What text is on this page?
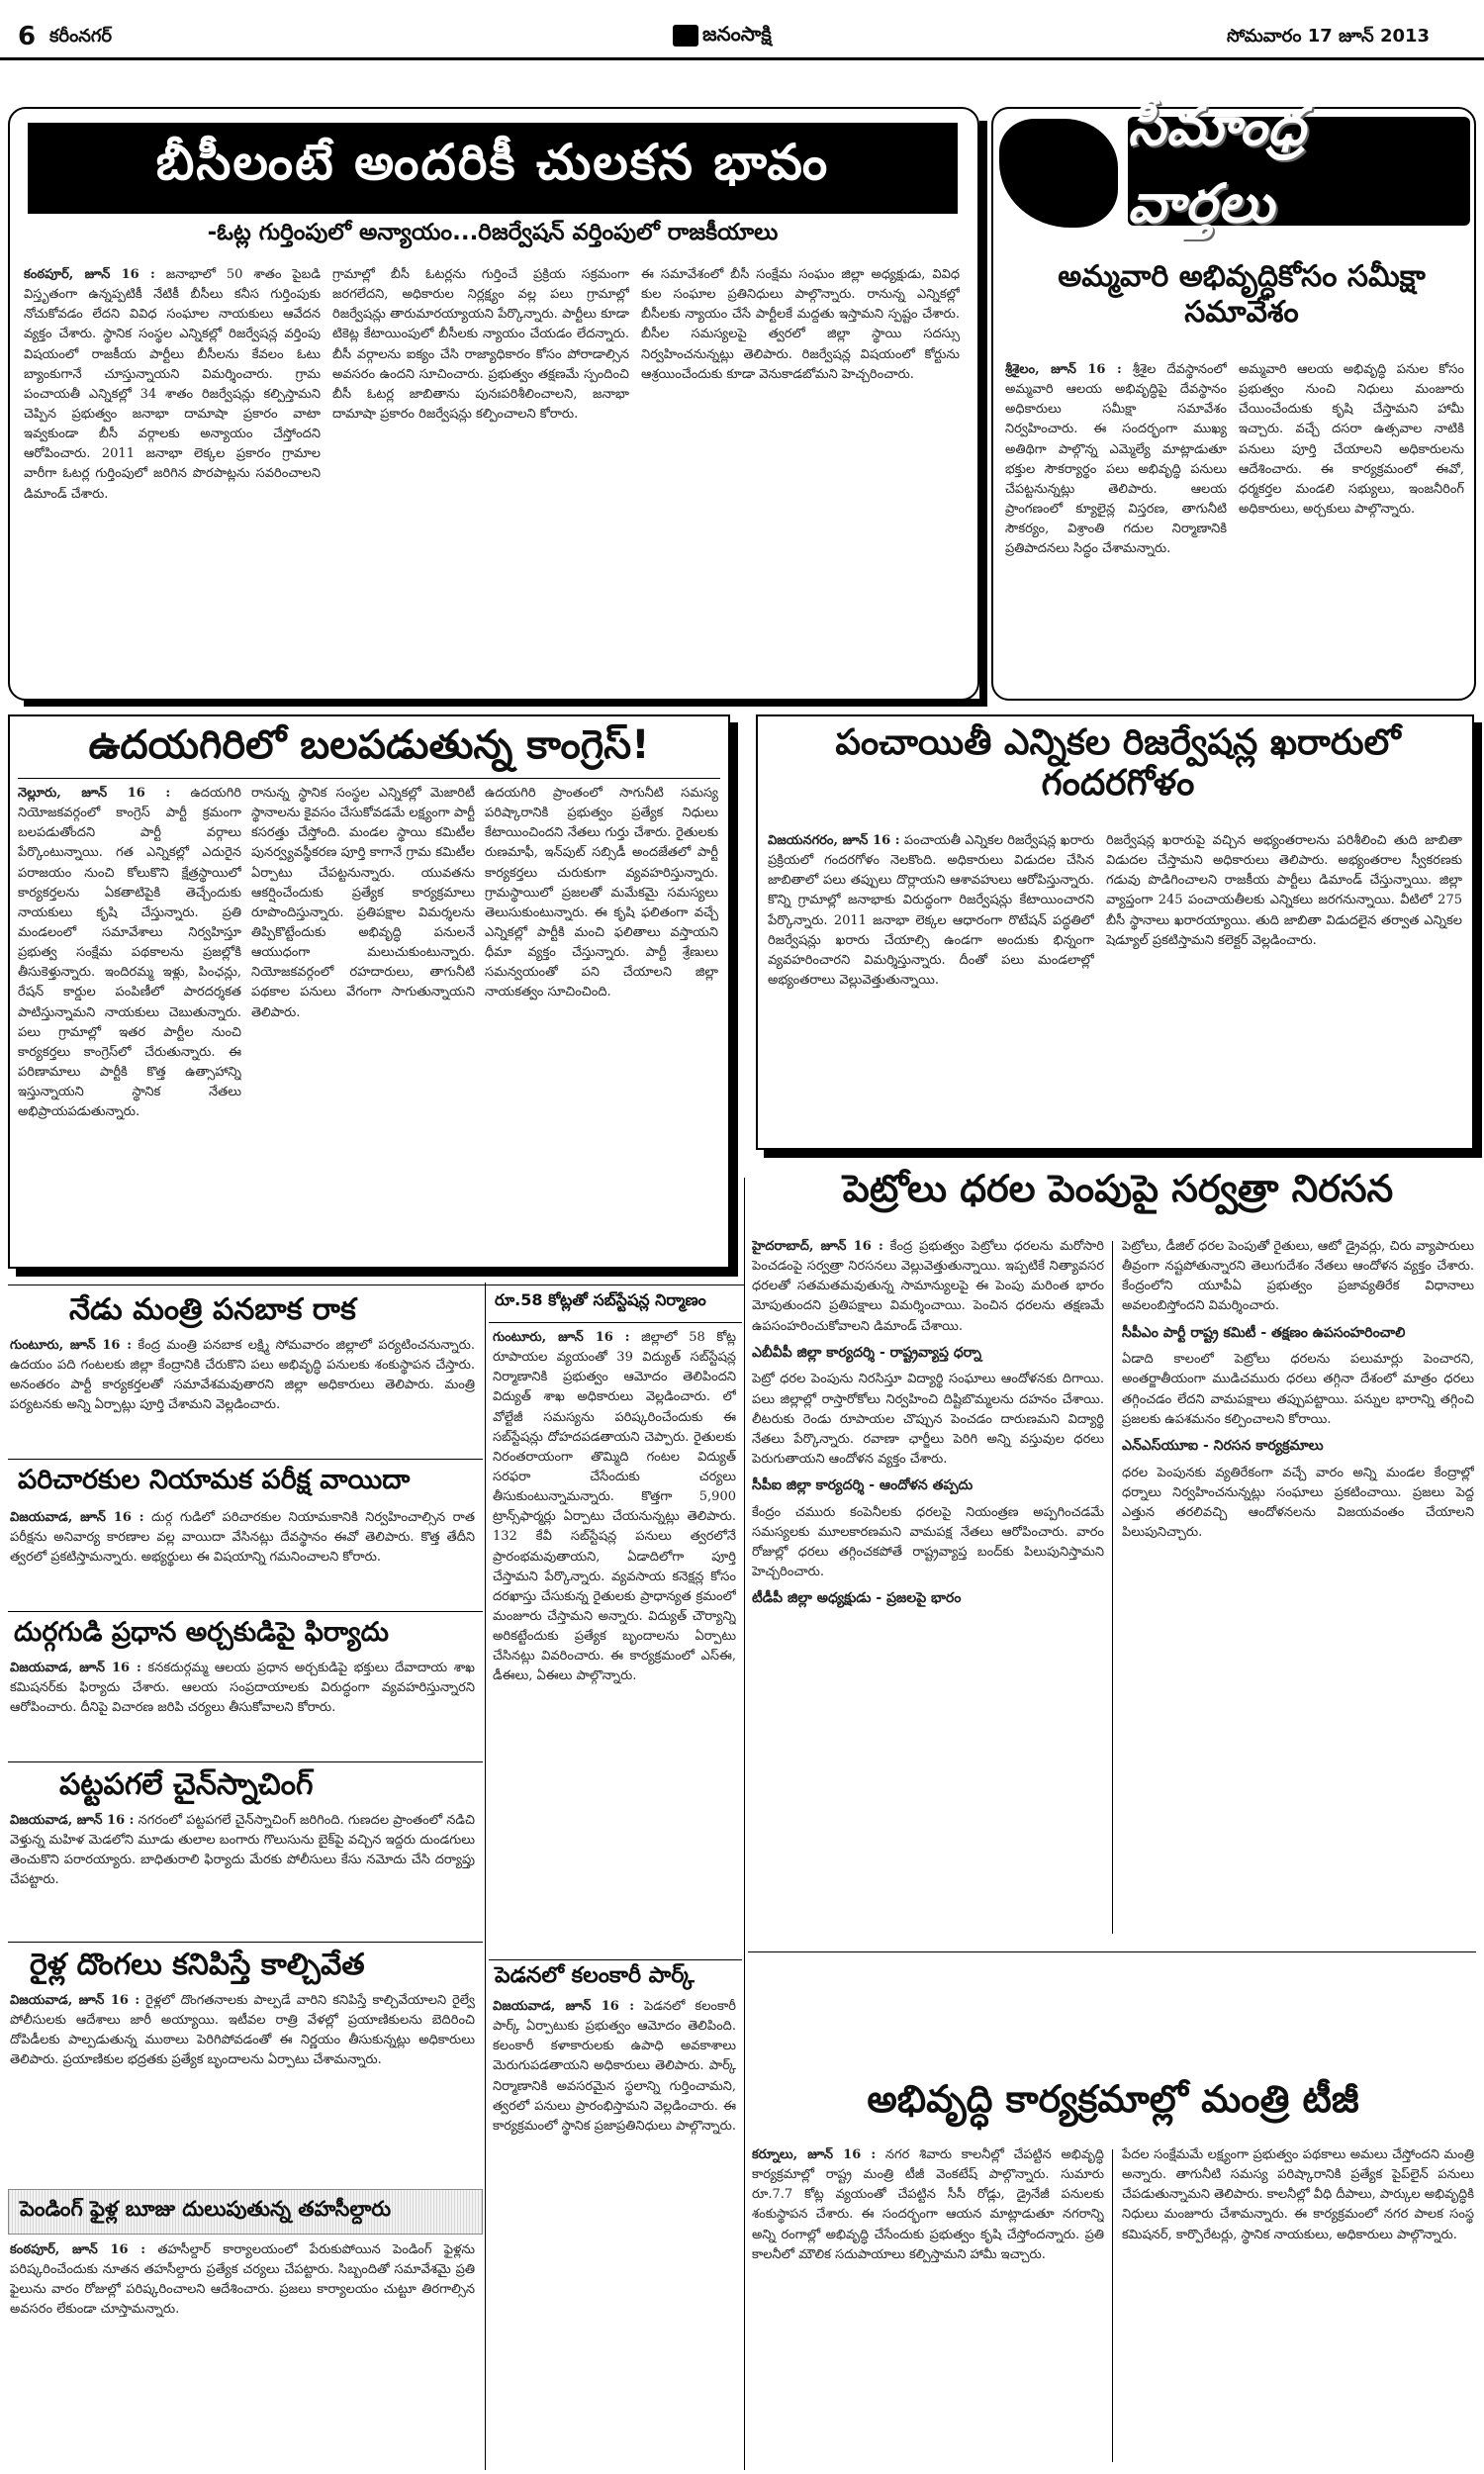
6 కరీంనగర్	జనంసాక్షి	సోమవారం 17 జూన్ 2013
బీసీలంటే అందరికీ చులకన భావం
-ఓట్ల గుర్తింపులో అన్యాయం...రిజర్వేషన్ వర్తింపులో రాజకీయాలు
కంఠపూర్, జూన్ 16 : జనాభాలో 50 శాతం పైబడి విస్తృతంగా ఉన్నప్పటికీ నేటికీ బీసీలు కనీస గుర్తింపుకు నోచుకోవడం లేదని వివిధ సంఘాల నాయకులు ఆవేదన వ్యక్తం చేశారు. స్థానిక సంస్థల ఎన్నికల్లో రిజర్వేషన్ల వర్తింపు విషయంలో రాజకీయ పార్టీలు బీసీలను కేవలం ఓటు బ్యాంకుగానే చూస్తున్నాయని విమర్శించారు. గ్రామ పంచాయతీ ఎన్నికల్లో 34 శాతం రిజర్వేషన్లు కల్పిస్తామని చెప్పిన ప్రభుత్వం జనాభా దామాషా ప్రకారం వాటా ఇవ్వకుండా బీసీ వర్గాలకు అన్యాయం చేస్తోందని ఆరోపించారు. 2011 జనాభా లెక్కల ప్రకారం గ్రామాల వారీగా ఓటర్ల గుర్తింపులో జరిగిన పొరపాట్లను సవరించాలని డిమాండ్ చేశారు.
గ్రామాల్లో బీసీ ఓటర్లను గుర్తించే ప్రక్రియ సక్రమంగా జరగలేదని, అధికారుల నిర్లక్ష్యం వల్ల పలు గ్రామాల్లో రిజర్వేషన్లు తారుమారయ్యాయని పేర్కొన్నారు. పార్టీలు కూడా టికెట్ల కేటాయింపులో బీసీలకు న్యాయం చేయడం లేదన్నారు. బీసీ వర్గాలను ఐక్యం చేసి రాజ్యాధికారం కోసం పోరాడాల్సిన అవసరం ఉందని సూచించారు. ప్రభుత్వం తక్షణమే స్పందించి బీసీ ఓటర్ల జాబితాను పునఃపరిశీలించాలని, జనాభా దామాషా ప్రకారం రిజర్వేషన్లు కల్పించాలని కోరారు.
ఈ సమావేశంలో బీసీ సంక్షేమ సంఘం జిల్లా అధ్యక్షుడు, వివిధ కుల సంఘాల ప్రతినిధులు పాల్గొన్నారు. రానున్న ఎన్నికల్లో బీసీలకు న్యాయం చేసే పార్టీలకే మద్దతు ఇస్తామని స్పష్టం చేశారు. బీసీల సమస్యలపై త్వరలో జిల్లా స్థాయి సదస్సు నిర్వహించనున్నట్లు తెలిపారు. రిజర్వేషన్ల విషయంలో కోర్టును ఆశ్రయించేందుకు కూడా వెనుకాడబోమని హెచ్చరించారు.
సీమాంధ్ర వార్తలు
అమ్మవారి అభివృద్ధికోసం సమీక్షా సమావేశం
శ్రీశైలం, జూన్ 16 : శ్రీశైల దేవస్థానంలో అమ్మవారి ఆలయ అభివృద్ధిపై దేవస్థానం అధికారులు సమీక్షా సమావేశం నిర్వహించారు. ఈ సందర్భంగా ముఖ్య అతిథిగా పాల్గొన్న ఎమ్మెల్యే మాట్లాడుతూ భక్తుల సౌకర్యార్థం పలు అభివృద్ధి పనులు చేపట్టనున్నట్లు తెలిపారు. ఆలయ ప్రాంగణంలో క్యూలైన్ల విస్తరణ, తాగునీటి సౌకర్యం, విశ్రాంతి గదుల నిర్మాణానికి ప్రతిపాదనలు సిద్ధం చేశామన్నారు.
అమ్మవారి ఆలయ అభివృద్ధి పనుల కోసం ప్రభుత్వం నుంచి నిధులు మంజూరు చేయించేందుకు కృషి చేస్తామని హామీ ఇచ్చారు. వచ్చే దసరా ఉత్సవాల నాటికి పనులు పూర్తి చేయాలని అధికారులను ఆదేశించారు. ఈ కార్యక్రమంలో ఈవో, ధర్మకర్తల మండలి సభ్యులు, ఇంజనీరింగ్ అధికారులు, అర్చకులు పాల్గొన్నారు.
ఉదయగిరిలో బలపడుతున్న కాంగ్రెస్!
నెల్లూరు, జూన్ 16 : ఉదయగిరి నియోజకవర్గంలో కాంగ్రెస్ పార్టీ క్రమంగా బలపడుతోందని పార్టీ వర్గాలు పేర్కొంటున్నాయి. గత ఎన్నికల్లో ఎదురైన పరాజయం నుంచి కోలుకొని క్షేత్రస్థాయిలో కార్యకర్తలను ఏకతాటిపైకి తెచ్చేందుకు నాయకులు కృషి చేస్తున్నారు. ప్రతి మండలంలో సమావేశాలు నిర్వహిస్తూ ప్రభుత్వ సంక్షేమ పథకాలను ప్రజల్లోకి తీసుకెళ్తున్నారు. ఇందిరమ్మ ఇళ్లు, పింఛన్లు, రేషన్ కార్డుల పంపిణీలో పారదర్శకత పాటిస్తున్నామని నాయకులు చెబుతున్నారు. పలు గ్రామాల్లో ఇతర పార్టీల నుంచి కార్యకర్తలు కాంగ్రెస్‌లో చేరుతున్నారు. ఈ పరిణామాలు పార్టీకి కొత్త ఉత్సాహాన్ని ఇస్తున్నాయని స్థానిక నేతలు అభిప్రాయపడుతున్నారు.
రానున్న స్థానిక సంస్థల ఎన్నికల్లో మెజారిటీ స్థానాలను కైవసం చేసుకోవడమే లక్ష్యంగా పార్టీ కసరత్తు చేస్తోంది. మండల స్థాయి కమిటీల పునర్వ్యవస్థీకరణ పూర్తి కాగానే గ్రామ కమిటీల ఏర్పాటు చేపట్టనున్నారు. యువతను ఆకర్షించేందుకు ప్రత్యేక కార్యక్రమాలు రూపొందిస్తున్నారు. ప్రతిపక్షాల విమర్శలను తిప్పికొట్టేందుకు అభివృద్ధి పనులనే ఆయుధంగా మలుచుకుంటున్నారు. నియోజకవర్గంలో రహదారులు, తాగునీటి పథకాల పనులు వేగంగా సాగుతున్నాయని తెలిపారు.
ఉదయగిరి ప్రాంతంలో సాగునీటి సమస్య పరిష్కారానికి ప్రభుత్వం ప్రత్యేక నిధులు కేటాయించిందని నేతలు గుర్తు చేశారు. రైతులకు రుణమాఫీ, ఇన్‌పుట్ సబ్సిడీ అందజేతలో పార్టీ కార్యకర్తలు చురుకుగా వ్యవహరిస్తున్నారు. గ్రామస్థాయిలో ప్రజలతో మమేకమై సమస్యలు తెలుసుకుంటున్నారు. ఈ కృషి ఫలితంగా వచ్చే ఎన్నికల్లో పార్టీకి మంచి ఫలితాలు వస్తాయని ధీమా వ్యక్తం చేస్తున్నారు. పార్టీ శ్రేణులు సమన్వయంతో పని చేయాలని జిల్లా నాయకత్వం సూచించింది.
పంచాయితీ ఎన్నికల రిజర్వేషన్ల ఖరారులో గందరగోళం
విజయనగరం, జూన్ 16 : పంచాయతీ ఎన్నికల రిజర్వేషన్ల ఖరారు ప్రక్రియలో గందరగోళం నెలకొంది. అధికారులు విడుదల చేసిన జాబితాలో పలు తప్పులు దొర్లాయని ఆశావహులు ఆరోపిస్తున్నారు. కొన్ని గ్రామాల్లో జనాభాకు విరుద్ధంగా రిజర్వేషన్లు కేటాయించారని పేర్కొన్నారు. 2011 జనాభా లెక్కల ఆధారంగా రొటేషన్ పద్ధతిలో రిజర్వేషన్లు ఖరారు చేయాల్సి ఉండగా అందుకు భిన్నంగా వ్యవహరించారని విమర్శిస్తున్నారు. దీంతో పలు మండలాల్లో అభ్యంతరాలు వెల్లువెత్తుతున్నాయి.
రిజర్వేషన్ల ఖరారుపై వచ్చిన అభ్యంతరాలను పరిశీలించి తుది జాబితా విడుదల చేస్తామని అధికారులు తెలిపారు. అభ్యంతరాల స్వీకరణకు గడువు పొడిగించాలని రాజకీయ పార్టీలు డిమాండ్ చేస్తున్నాయి. జిల్లా వ్యాప్తంగా 245 పంచాయతీలకు ఎన్నికలు జరగనున్నాయి. వీటిలో 275 బీసీ స్థానాలు ఖరారయ్యాయి. తుది జాబితా విడుదలైన తర్వాత ఎన్నికల షెడ్యూల్ ప్రకటిస్తామని కలెక్టర్ వెల్లడించారు.
పెట్రోలు ధరల పెంపుపై సర్వత్రా నిరసన
హైదరాబాద్, జూన్ 16 : కేంద్ర ప్రభుత్వం పెట్రోలు ధరలను మరోసారి పెంచడంపై సర్వత్రా నిరసనలు వెల్లువెత్తుతున్నాయి. ఇప్పటికే నిత్యావసర ధరలతో సతమతమవుతున్న సామాన్యులపై ఈ పెంపు మరింత భారం మోపుతుందని ప్రతిపక్షాలు విమర్శించాయి. పెంచిన ధరలను తక్షణమే ఉపసంహరించుకోవాలని డిమాండ్ చేశాయి.
ఎబీవీపీ జిల్లా కార్యదర్శి - రాష్ట్రవ్యాప్త ధర్నా
పెట్రో ధరల పెంపును నిరసిస్తూ విద్యార్థి సంఘాలు ఆందోళనకు దిగాయి. పలు జిల్లాల్లో రాస్తారోకోలు నిర్వహించి దిష్టిబొమ్మలను దహనం చేశాయి. లీటరుకు రెండు రూపాయల చొప్పున పెంచడం దారుణమని విద్యార్థి నేతలు పేర్కొన్నారు. రవాణా ఛార్జీలు పెరిగి అన్ని వస్తువుల ధరలు పెరుగుతాయని ఆందోళన వ్యక్తం చేశారు.
సీపీఐ జిల్లా కార్యదర్శి - ఆందోళన తప్పదు
కేంద్రం చమురు కంపెనీలకు ధరలపై నియంత్రణ అప్పగించడమే సమస్యలకు మూలకారణమని వామపక్ష నేతలు ఆరోపించారు. వారం రోజుల్లో ధరలు తగ్గించకపోతే రాష్ట్రవ్యాప్త బంద్‌కు పిలుపునిస్తామని హెచ్చరించారు.
టీడీపీ జిల్లా అధ్యక్షుడు - ప్రజలపై భారం
పెట్రోలు, డీజిల్ ధరల పెంపుతో రైతులు, ఆటో డ్రైవర్లు, చిరు వ్యాపారులు తీవ్రంగా నష్టపోతున్నారని తెలుగుదేశం నేతలు ఆందోళన వ్యక్తం చేశారు. కేంద్రంలోని యూపీఏ ప్రభుత్వం ప్రజావ్యతిరేక విధానాలు అవలంబిస్తోందని విమర్శించారు.
సీపీఎం పార్టీ రాష్ట్ర కమిటీ - తక్షణం ఉపసంహరించాలి
ఏడాది కాలంలో పెట్రోలు ధరలను పలుమార్లు పెంచారని, అంతర్జాతీయంగా ముడిచమురు ధరలు తగ్గినా దేశంలో మాత్రం ధరలు తగ్గించడం లేదని వామపక్షాలు తప్పుపట్టాయి. పన్నుల భారాన్ని తగ్గించి ప్రజలకు ఉపశమనం కల్పించాలని కోరాయి.
ఎన్‌ఎస్‌యూఐ - నిరసన కార్యక్రమాలు
ధరల పెంపునకు వ్యతిరేకంగా వచ్చే వారం అన్ని మండల కేంద్రాల్లో ధర్నాలు నిర్వహించనున్నట్లు సంఘాలు ప్రకటించాయి. ప్రజలు పెద్ద ఎత్తున తరలివచ్చి ఆందోళనలను విజయవంతం చేయాలని పిలుపునిచ్చారు.
నేడు మంత్రి పనబాక రాక
గుంటూరు, జూన్ 16 : కేంద్ర మంత్రి పనబాక లక్ష్మి సోమవారం జిల్లాలో పర్యటించనున్నారు. ఉదయం పది గంటలకు జిల్లా కేంద్రానికి చేరుకొని పలు అభివృద్ధి పనులకు శంకుస్థాపన చేస్తారు. అనంతరం పార్టీ కార్యకర్తలతో సమావేశమవుతారని జిల్లా అధికారులు తెలిపారు. మంత్రి పర్యటనకు అన్ని ఏర్పాట్లు పూర్తి చేశామని వెల్లడించారు.
పరిచారకుల నియామక పరీక్ష వాయిదా
విజయవాడ, జూన్ 16 : దుర్గ గుడిలో పరిచారకుల నియామకానికి నిర్వహించాల్సిన రాత పరీక్షను అనివార్య కారణాల వల్ల వాయిదా వేసినట్లు దేవస్థానం ఈవో తెలిపారు. కొత్త తేదీని త్వరలో ప్రకటిస్తామన్నారు. అభ్యర్థులు ఈ విషయాన్ని గమనించాలని కోరారు.
దుర్గగుడి ప్రధాన అర్చకుడిపై ఫిర్యాదు
విజయవాడ, జూన్ 16 : కనకదుర్గమ్మ ఆలయ ప్రధాన అర్చకుడిపై భక్తులు దేవాదాయ శాఖ కమిషనర్‌కు ఫిర్యాదు చేశారు. ఆలయ సంప్రదాయాలకు విరుద్ధంగా వ్యవహరిస్తున్నారని ఆరోపించారు. దీనిపై విచారణ జరిపి చర్యలు తీసుకోవాలని కోరారు.
పట్టపగలే చైన్‌స్నాచింగ్
విజయవాడ, జూన్ 16 : నగరంలో పట్టపగలే చైన్‌స్నాచింగ్ జరిగింది. గుణదల ప్రాంతంలో నడిచి వెళ్తున్న మహిళ మెడలోని మూడు తులాల బంగారు గొలుసును బైక్‌పై వచ్చిన ఇద్దరు దుండగులు తెంచుకొని పరారయ్యారు. బాధితురాలి ఫిర్యాదు మేరకు పోలీసులు కేసు నమోదు చేసి దర్యాప్తు చేపట్టారు.
రైళ్ల దొంగలు కనిపిస్తే కాల్చివేత
విజయవాడ, జూన్ 16 : రైళ్లలో దొంగతనాలకు పాల్పడే వారిని కనిపిస్తే కాల్చివేయాలని రైల్వే పోలీసులకు ఆదేశాలు జారీ అయ్యాయి. ఇటీవల రాత్రి వేళల్లో ప్రయాణికులను బెదిరించి దోపిడీలకు పాల్పడుతున్న ముఠాలు పెరిగిపోవడంతో ఈ నిర్ణయం తీసుకున్నట్లు అధికారులు తెలిపారు. ప్రయాణికుల భద్రతకు ప్రత్యేక బృందాలను ఏర్పాటు చేశామన్నారు.
పెండింగ్ ఫైళ్ల బూజు దులుపుతున్న తహసీల్దారు
కంఠపూర్, జూన్ 16 : తహసీల్దార్ కార్యాలయంలో పేరుకుపోయిన పెండింగ్ ఫైళ్లను పరిష్కరించేందుకు నూతన తహసీల్దారు ప్రత్యేక చర్యలు చేపట్టారు. సిబ్బందితో సమావేశమై ప్రతి ఫైలును వారం రోజుల్లో పరిష్కరించాలని ఆదేశించారు. ప్రజలు కార్యాలయం చుట్టూ తిరగాల్సిన అవసరం లేకుండా చూస్తామన్నారు.
రూ.58 కోట్లతో సబ్‌స్టేషన్ల నిర్మాణం
గుంటూరు, జూన్ 16 : జిల్లాలో 58 కోట్ల రూపాయల వ్యయంతో 39 విద్యుత్ సబ్‌స్టేషన్ల నిర్మాణానికి ప్రభుత్వం ఆమోదం తెలిపిందని విద్యుత్ శాఖ అధికారులు వెల్లడించారు. లో వోల్టేజీ సమస్యను పరిష్కరించేందుకు ఈ సబ్‌స్టేషన్లు దోహదపడతాయని చెప్పారు. రైతులకు నిరంతరాయంగా తొమ్మిది గంటల విద్యుత్ సరఫరా చేసేందుకు చర్యలు తీసుకుంటున్నామన్నారు. కొత్తగా 5,900 ట్రాన్స్‌ఫార్మర్లు ఏర్పాటు చేయనున్నట్లు తెలిపారు. 132 కేవీ సబ్‌స్టేషన్ల పనులు త్వరలోనే ప్రారంభమవుతాయని, ఏడాదిలోగా పూర్తి చేస్తామని పేర్కొన్నారు. వ్యవసాయ కనెక్షన్ల కోసం దరఖాస్తు చేసుకున్న రైతులకు ప్రాధాన్యత క్రమంలో మంజూరు చేస్తామని అన్నారు. విద్యుత్ చౌర్యాన్ని అరికట్టేందుకు ప్రత్యేక బృందాలను ఏర్పాటు చేసినట్లు వివరించారు. ఈ కార్యక్రమంలో ఎస్‌ఈ, డీఈలు, ఏఈలు పాల్గొన్నారు.
పెడనలో కలంకారీ పార్క్
విజయవాడ, జూన్ 16 : పెడనలో కలంకారీ పార్క్ ఏర్పాటుకు ప్రభుత్వం ఆమోదం తెలిపింది. కలంకారీ కళాకారులకు ఉపాధి అవకాశాలు మెరుగుపడతాయని అధికారులు తెలిపారు. పార్క్ నిర్మాణానికి అవసరమైన స్థలాన్ని గుర్తించామని, త్వరలో పనులు ప్రారంభిస్తామని వెల్లడించారు. ఈ కార్యక్రమంలో స్థానిక ప్రజాప్రతినిధులు పాల్గొన్నారు.
అభివృద్ధి కార్యక్రమాల్లో మంత్రి టీజీ
కర్నూలు, జూన్ 16 : నగర శివారు కాలనీల్లో చేపట్టిన అభివృద్ధి కార్యక్రమాల్లో రాష్ట్ర మంత్రి టీజీ వెంకటేష్ పాల్గొన్నారు. సుమారు రూ.7.7 కోట్ల వ్యయంతో చేపట్టిన సీసీ రోడ్లు, డ్రైనేజీ పనులకు శంకుస్థాపన చేశారు. ఈ సందర్భంగా ఆయన మాట్లాడుతూ నగరాన్ని అన్ని రంగాల్లో అభివృద్ధి చేసేందుకు ప్రభుత్వం కృషి చేస్తోందన్నారు. ప్రతి కాలనీలో మౌలిక సదుపాయాలు కల్పిస్తామని హామీ ఇచ్చారు.
పేదల సంక్షేమమే లక్ష్యంగా ప్రభుత్వం పథకాలు అమలు చేస్తోందని మంత్రి అన్నారు. తాగునీటి సమస్య పరిష్కారానికి ప్రత్యేక పైప్‌లైన్ పనులు చేపడుతున్నామని తెలిపారు. కాలనీల్లో వీధి దీపాలు, పార్కుల అభివృద్ధికి నిధులు మంజూరు చేశామన్నారు. ఈ కార్యక్రమంలో నగర పాలక సంస్థ కమిషనర్, కార్పొరేటర్లు, స్థానిక నాయకులు, అధికారులు పాల్గొన్నారు.
